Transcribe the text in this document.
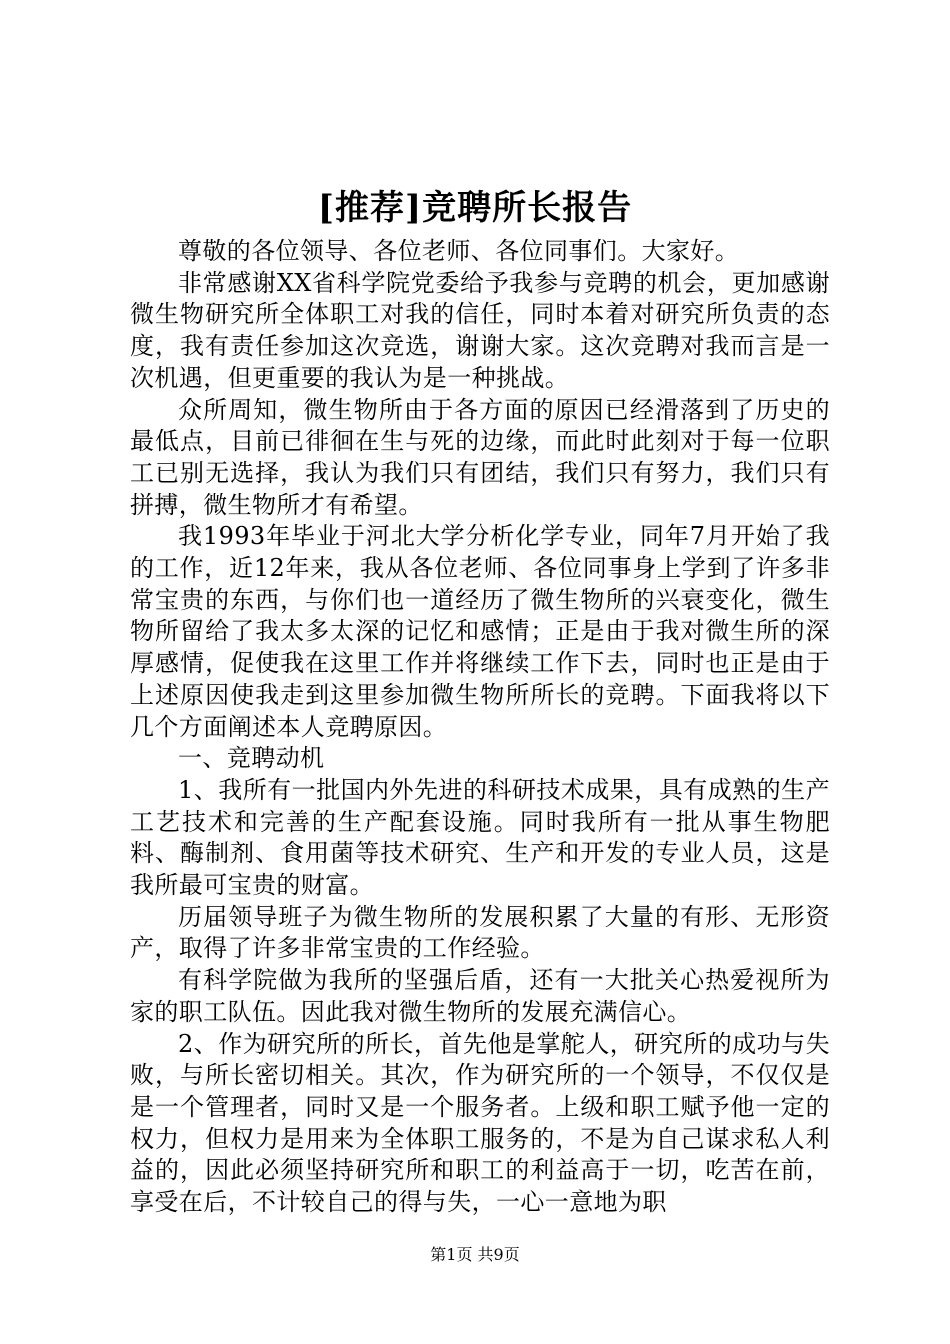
[推荐]竞聘所长报告

尊敬的各位领导、各位老师、各位同事们。大家好。

非常感谢XX省科学院党委给予我参与竞聘的机会，更加感谢微生物研究所全体职工对我的信任，同时本着对研究所负责的态度，我有责任参加这次竞选，谢谢大家。这次竞聘对我而言是一次机遇，但更重要的我认为是一种挑战。

众所周知，微生物所由于各方面的原因已经滑落到了历史的最低点，目前已徘徊在生与死的边缘，而此时此刻对于每一位职工已别无选择，我认为我们只有团结，我们只有努力，我们只有拼搏，微生物所才有希望。

我1993年毕业于河北大学分析化学专业，同年7月开始了我的工作，近12年来，我从各位老师、各位同事身上学到了许多非常宝贵的东西，与你们也一道经历了微生物所的兴衰变化，微生物所留给了我太多太深的记忆和感情；正是由于我对微生所的深厚感情，促使我在这里工作并将继续工作下去，同时也正是由于上述原因使我走到这里参加微生物所所长的竞聘。下面我将以下几个方面阐述本人竞聘原因。

一、竞聘动机

1、我所有一批国内外先进的科研技术成果，具有成熟的生产工艺技术和完善的生产配套设施。同时我所有一批从事生物肥料、酶制剂、食用菌等技术研究、生产和开发的专业人员，这是我所最可宝贵的财富。

历届领导班子为微生物所的发展积累了大量的有形、无形资产，取得了许多非常宝贵的工作经验。

有科学院做为我所的坚强后盾，还有一大批关心热爱视所为家的职工队伍。因此我对微生物所的发展充满信心。

2、作为研究所的所长，首先他是掌舵人，研究所的成功与失败，与所长密切相关。其次，作为研究所的一个领导，不仅仅是是一个管理者，同时又是一个服务者。上级和职工赋予他一定的权力，但权力是用来为全体职工服务的，不是为自己谋求私人利益的，因此必须坚持研究所和职工的利益高于一切，吃苦在前，享受在后，不计较自己的得与失，一心一意地为职

第1页 共9页
